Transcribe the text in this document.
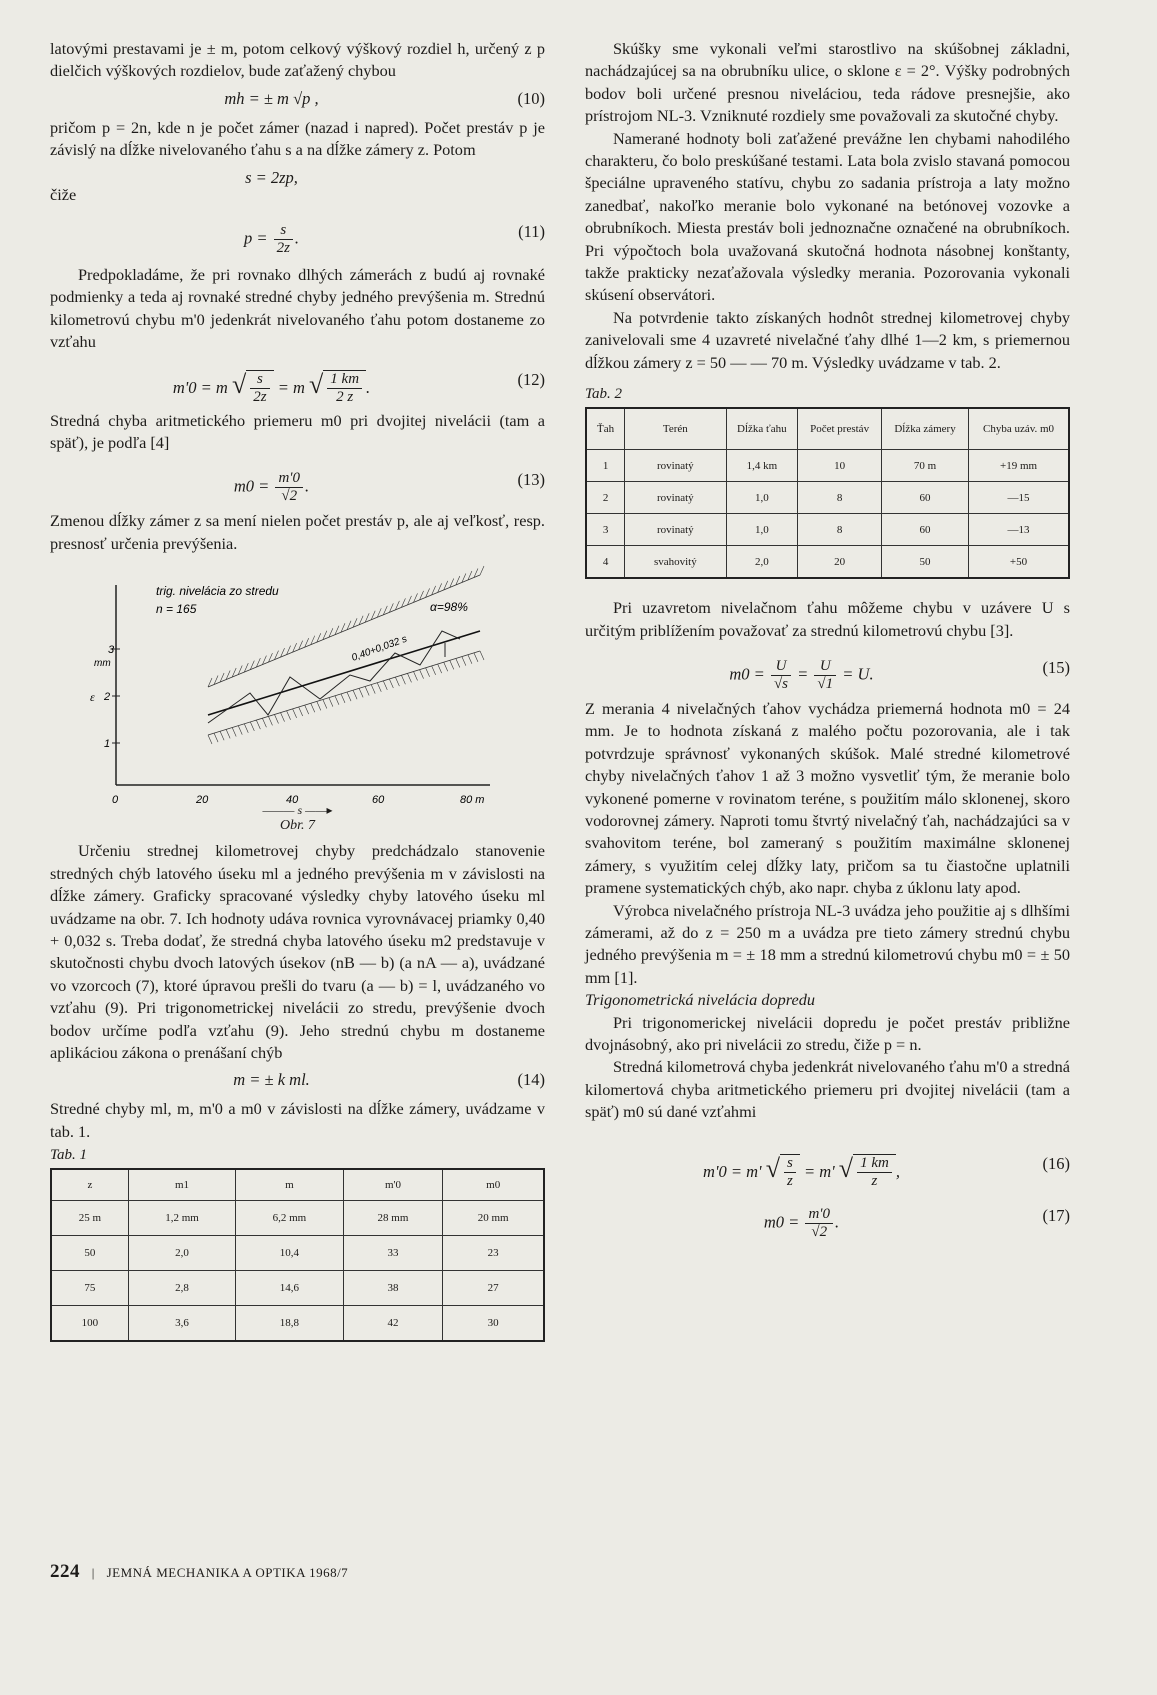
latovými prestavami je ± m, potom celkový výškový rozdiel h, určený z p dielčich výškových rozdielov, bude zaťažený chybou

mh = ± m √p ,	(10)

pričom p = 2n, kde n je počet zámer (nazad i napred). Počet prestáv p je závislý na dĺžke nivelovaného ťahu s a na dĺžke zámery z. Potom

s = 2zp,

čiže

$p = \frac{s}{2z}$ .	(11)

Predpokladáme, že pri rovnako dlhých zámerách z budú aj rovnaké podmienky a teda aj rovnaké stredné chyby jedného prevýšenia m. Strednú kilometrovú chybu m'0 jedenkrát nivelovaného ťahu potom dostaneme zo vzťahu

m'0 = m √ $\frac{s}{2z} = m$ √ $\frac{1 km}{2 z}$ .	(12)

Stredná chyba aritmetického priemeru m0 pri dvojitej nivelácii (tam a späť), je podľa [4]

$m0 = \frac{m'0}{√2}$ .	(13)

Zmenou dĺžky zámer z sa mení nielen počet prestáv p, ale aj veľkosť, resp. presnosť určenia prevýšenia.

1
2
3
mm
ε
0	20	40	60	80 m
trig. nivelácia zo stredu
n = 165	α=98%
0,40+0,032 s
——— s ——▸
Obr. 7

Určeniu strednej kilometrovej chyby predchádzalo stanovenie stredných chýb latového úseku ml a jedného prevýšenia m v závislosti na dĺžke zámery. Graficky spracované výsledky chyby latového úseku ml uvádzame na obr. 7. Ich hodnoty udáva rovnica vyrovnávacej priamky 0,40 + 0,032 s. Treba dodať, že stredná chyba latového úseku m2 predstavuje v skutočnosti chybu dvoch latových úsekov (nB — b) (a nA — a), uvádzané vo vzorcoch (7), ktoré úpravou prešli do tvaru (a — b) = l, uvádzaného vo vzťahu (9). Pri trigonometrickej nivelácii zo stredu, prevýšenie dvoch bodov určíme podľa vzťahu (9). Jeho strednú chybu m dostaneme aplikáciou zákona o prenášaní chýb

m = ± k ml.	(14)

Stredné chyby ml, m, m'0 a m0 v závislosti na dĺžke zámery, uvádzame v tab. 1.

Tab. 1
z	m1	m	m'0	m0
25 m	1,2 mm	6,2 mm	28 mm	20 mm
50	2,0	10,4	33	23
75	2,8	14,6	38	27
100	3,6	18,8	42	30

Skúšky sme vykonali veľmi starostlivo na skúšobnej základni, nachádzajúcej sa na obrubníku ulice, o sklone ε = 2°. Výšky podrobných bodov boli určené presnou niveláciou, teda rádove presnejšie, ako prístrojom NL-3. Vzniknuté rozdiely sme považovali za skutočné chyby.

Namerané hodnoty boli zaťažené prevážne len chybami nahodilého charakteru, čo bolo preskúšané testami. Lata bola zvislo stavaná pomocou špeciálne upraveného statívu, chybu zo sadania prístroja a laty možno zanedbať, nakoľko meranie bolo vykonané na betónovej vozovke a obrubníkoch. Miesta prestáv boli jednoznačne označené na obrubníkoch. Pri výpočtoch bola uvažovaná skutočná hodnota násobnej konštanty, takže prakticky nezaťažovala výsledky merania. Pozorovania vykonali skúsení observátori.

Na potvrdenie takto získaných hodnôt strednej kilometrovej chyby zanivelovali sme 4 uzavreté nivelačné ťahy dlhé 1—2 km, s priemernou dĺžkou zámery z = 50 — — 70 m. Výsledky uvádzame v tab. 2.

Tab. 2
Ťah	Terén	Dĺžka ťahu	Počet prestáv	Dĺžka zámery	Chyba uzáv. m0
1	rovinatý	1,4 km	10	70 m	+19 mm
2	rovinatý	1,0	8	60	—15
3	rovinatý	1,0	8	60	—13
4	svahovitý	2,0	20	50	+50

Pri uzavretom nivelačnom ťahu môžeme chybu v uzávere U s určitým priblížením považovať za strednú kilometrovú chybu [3].

$m0 = \frac{U}{√s} = \frac{U}{√1} = U$.	(15)

Z merania 4 nivelačných ťahov vychádza priemerná hodnota m0 = 24 mm. Je to hodnota získaná z malého počtu pozorovania, ale i tak potvrdzuje správnosť vykonaných skúšok. Malé stredné kilometrové chyby nivelačných ťahov 1 až 3 možno vysvetliť tým, že meranie bolo vykonené pomerne v rovinatom teréne, s použitím málo sklonenej, skoro vodorovnej zámery. Naproti tomu štvrtý nivelačný ťah, nachádzajúci sa v svahovitom teréne, bol zameraný s použitím maximálne sklonenej zámery, s využitím celej dĺžky laty, pričom sa tu čiastočne uplatnili pramene systematických chýb, ako napr. chyba z úklonu laty apod.

Výrobca nivelačného prístroja NL-3 uvádza jeho použitie aj s dlhšími zámerami, až do z = 250 m a uvádza pre tieto zámery strednú chybu jedného prevýšenia m = ± 18 mm a strednú kilometrovú chybu m0 = ± 50 mm [1].

Trigonometrická nivelácia dopredu

Pri trigonomerickej nivelácii dopredu je počet prestáv približne dvojnásobný, ako pri nivelácii zo stredu, čiže p = n.

Stredná kilometrová chyba jedenkrát nivelovaného ťahu m'0 a stredná kilomertová chyba aritmetického priemeru pri dvojitej nivelácii (tam a späť) m0 sú dané vzťahmi

m'0 = m' √ $\frac{s}{z} = m'$ √ $\frac{1 km}{z}$ ,	(16)
$m0 = \frac{m'0}{√2}$ .	(17)
224 | JEMNÁ MECHANIKA A OPTIKA 1968/7
